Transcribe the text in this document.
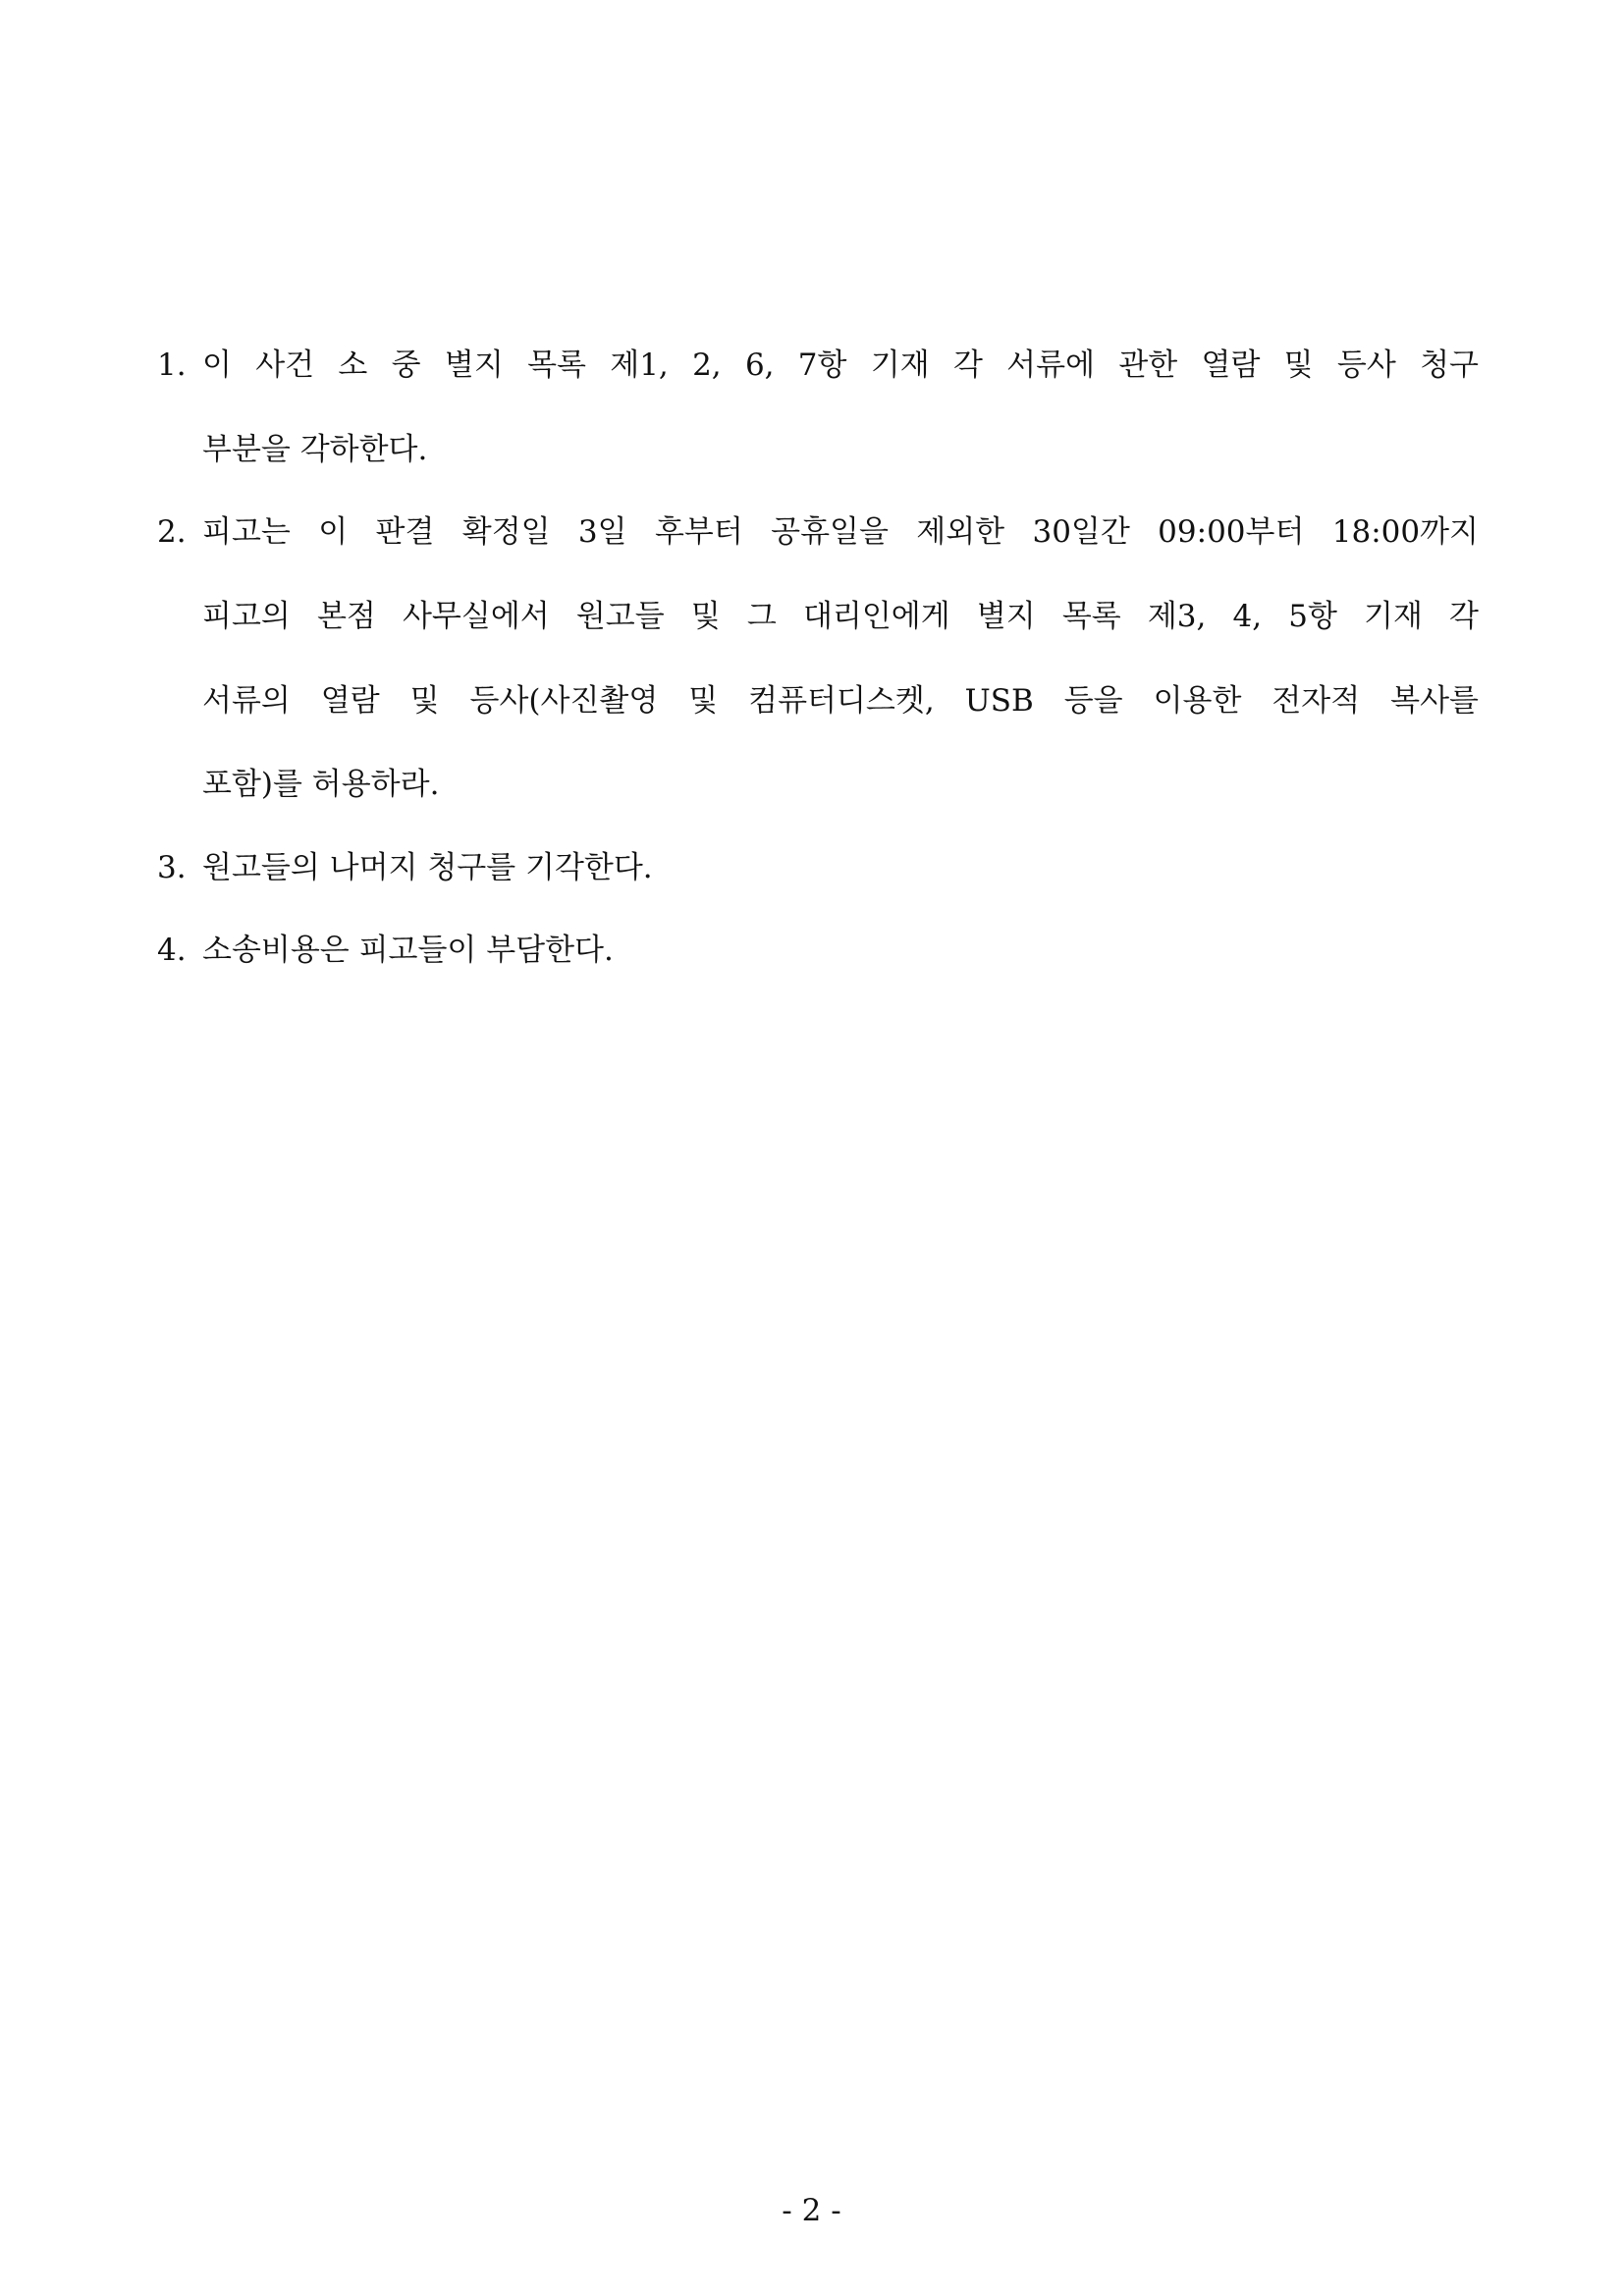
1. 이 사건 소 중 별지 목록 제1, 2, 6, 7항 기재 각 서류에 관한 열람 및 등사 청구
부분을 각하한다.
2. 피고는 이 판결 확정일 3일 후부터 공휴일을 제외한 30일간 09:00부터 18:00까지
피고의 본점 사무실에서 원고들 및 그 대리인에게 별지 목록 제3, 4, 5항 기재 각
서류의 열람 및 등사(사진촬영 및 컴퓨터디스켓, USB 등을 이용한 전자적 복사를
포함)를 허용하라.
3. 원고들의 나머지 청구를 기각한다.
4. 소송비용은 피고들이 부담한다.
- 2 -
